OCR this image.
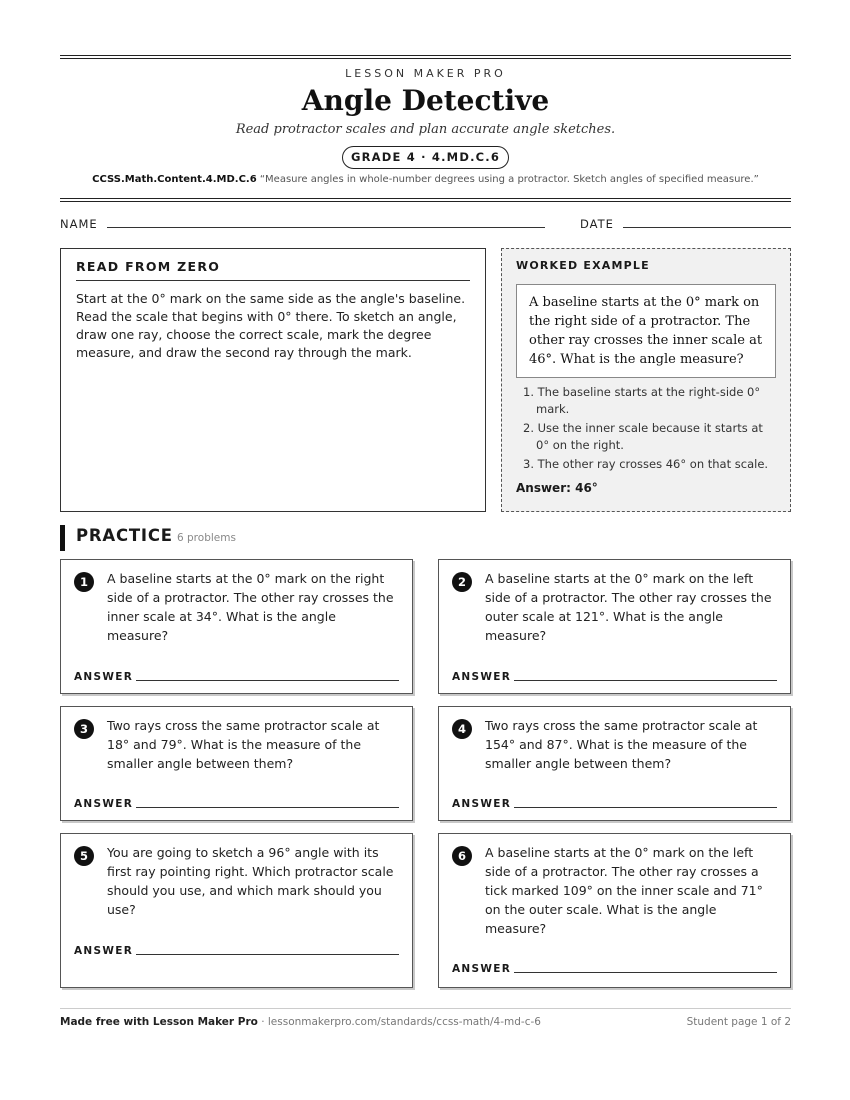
LESSON MAKER PRO
Angle Detective
Read protractor scales and plan accurate angle sketches.
GRADE 4 · 4.MD.C.6
CCSS.Math.Content.4.MD.C.6 “Measure angles in whole-number degrees using a protractor. Sketch angles of specified measure.”
NAME	DATE
READ FROM ZERO

Start at the 0° mark on the same side as the angle's baseline. Read the scale that begins with 0° there. To sketch an angle, draw one ray, choose the correct scale, mark the degree measure, and draw the second ray through the mark.

WORKED EXAMPLE
A baseline starts at the 0° mark on the right side of a protractor. The other ray crosses the inner scale at 46°. What is the angle measure?
1. The baseline starts at the right-side 0° mark.
2. Use the inner scale because it starts at 0° on the right.
3. The other ray crosses 46° on that scale.
Answer: 46°
PRACTICE 6 problems
1	A baseline starts at the 0° mark on the right side of a protractor. The other ray crosses the inner scale at 34°. What is the angle measure?
ANSWER
2	A baseline starts at the 0° mark on the left side of a protractor. The other ray crosses the outer scale at 121°. What is the angle measure?
ANSWER
3	Two rays cross the same protractor scale at 18° and 79°. What is the measure of the smaller angle between them?
ANSWER
4	Two rays cross the same protractor scale at 154° and 87°. What is the measure of the smaller angle between them?
ANSWER
5	You are going to sketch a 96° angle with its first ray pointing right. Which protractor scale should you use, and which mark should you use?
ANSWER
6	A baseline starts at the 0° mark on the left side of a protractor. The other ray crosses a tick marked 109° on the inner scale and 71° on the outer scale. What is the angle measure?
ANSWER
Made free with Lesson Maker Pro · lessonmakerpro.com/standards/ccss-math/4-md-c-6	Student page 1 of 2
